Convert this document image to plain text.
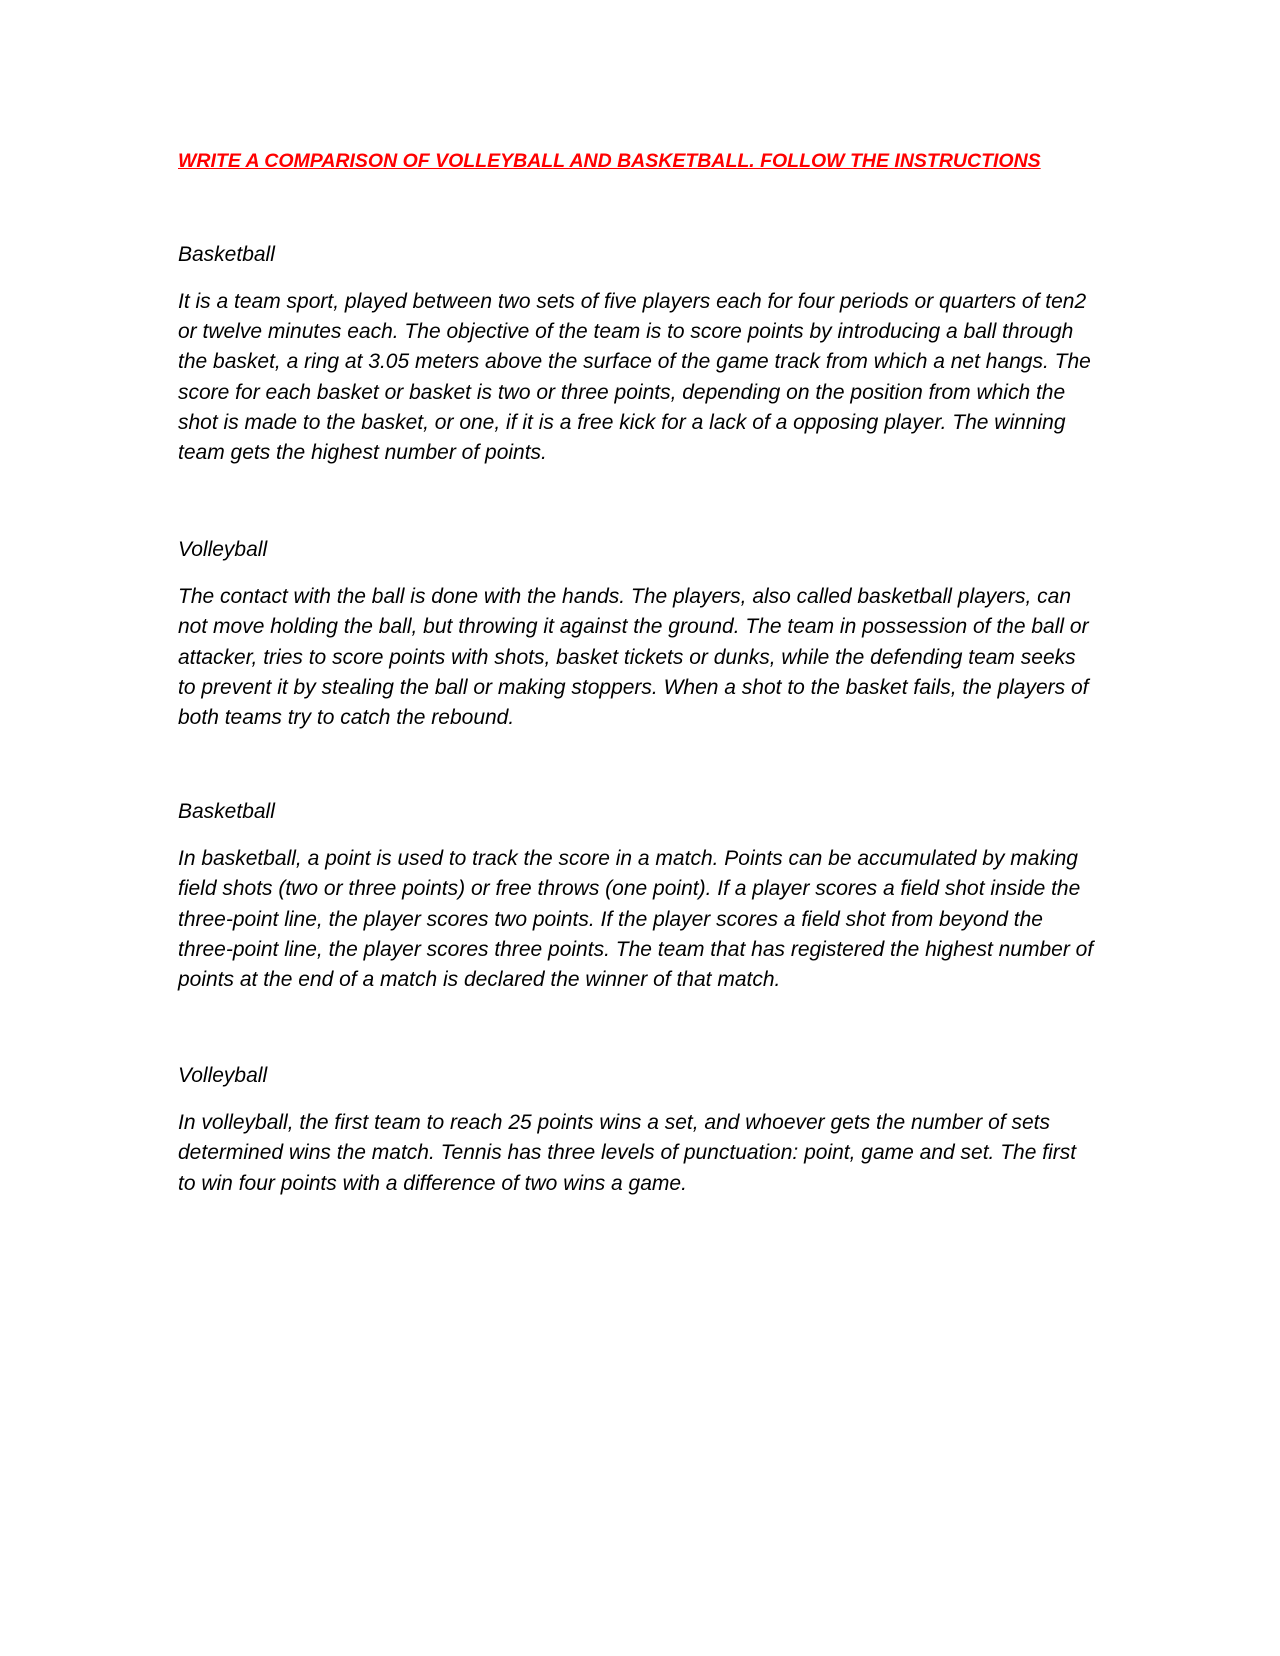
WRITE A COMPARISON OF VOLLEYBALL AND BASKETBALL. FOLLOW THE INSTRUCTIONS

Basketball

It is a team sport, played between two sets of five players each for four periods or quarters of ten2 or twelve minutes each. The objective of the team is to score points by introducing a ball through the basket, a ring at 3.05 meters above the surface of the game track from which a net hangs. The score for each basket or basket is two or three points, depending on the position from which the shot is made to the basket, or one, if it is a free kick for a lack of a opposing player. The winning team gets the highest number of points.

Volleyball

The contact with the ball is done with the hands. The players, also called basketball players, can not move holding the ball, but throwing it against the ground. The team in possession of the ball or attacker, tries to score points with shots, basket tickets or dunks, while the defending team seeks to prevent it by stealing the ball or making stoppers. When a shot to the basket fails, the players of both teams try to catch the rebound.

Basketball

In basketball, a point is used to track the score in a match. Points can be accumulated by making field shots (two or three points) or free throws (one point). If a player scores a field shot inside the three-point line, the player scores two points. If the player scores a field shot from beyond the three-point line, the player scores three points. The team that has registered the highest number of points at the end of a match is declared the winner of that match.

Volleyball

In volleyball, the first team to reach 25 points wins a set, and whoever gets the number of sets determined wins the match. Tennis has three levels of punctuation: point, game and set. The first to win four points with a difference of two wins a game.
